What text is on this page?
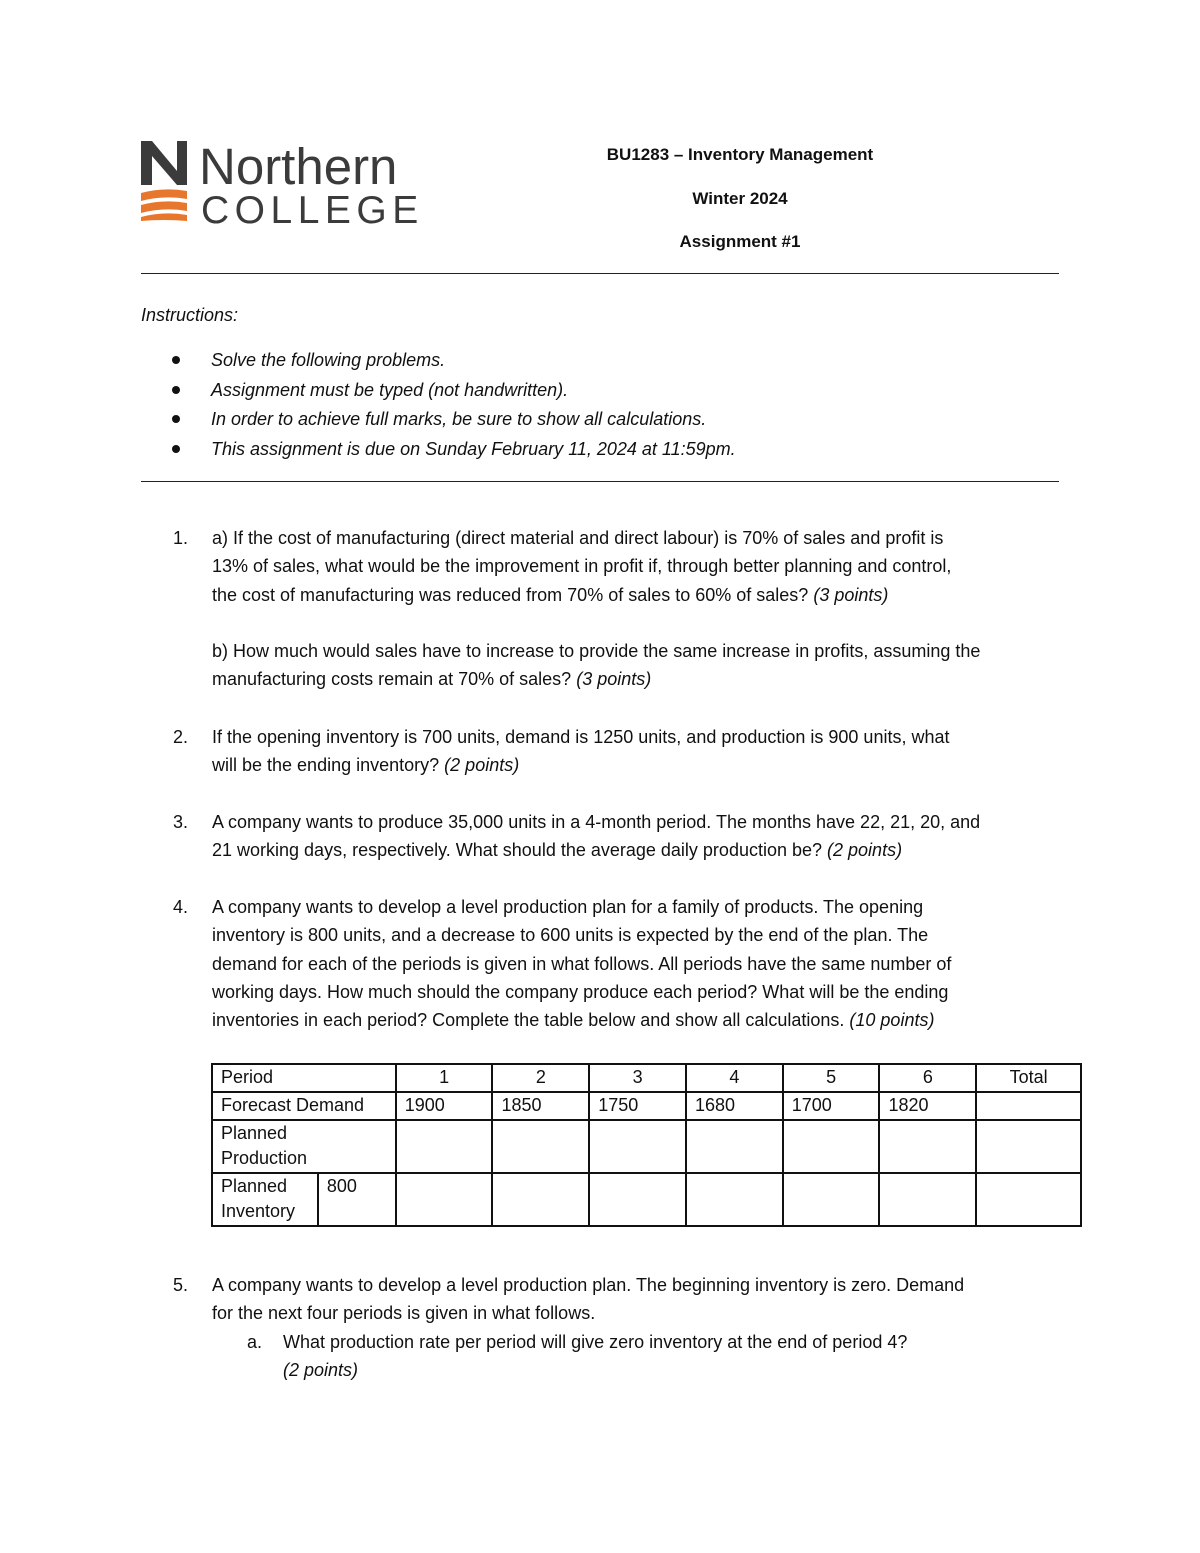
Northern
COLLEGE
BU1283 – Inventory Management
Winter 2024
Assignment #1
Instructions:
Solve the following problems.
Assignment must be typed (not handwritten).
In order to achieve full marks, be sure to show all calculations.
This assignment is due on Sunday February 11, 2024 at 11:59pm.
1. a) If the cost of manufacturing (direct material and direct labour) is 70% of sales and profit is
13% of sales, what would be the improvement in profit if, through better planning and control,
the cost of manufacturing was reduced from 70% of sales to 60% of sales? (3 points)
b) How much would sales have to increase to provide the same increase in profits, assuming the
manufacturing costs remain at 70% of sales? (3 points)
2. If the opening inventory is 700 units, demand is 1250 units, and production is 900 units, what
will be the ending inventory? (2 points)
3. A company wants to produce 35,000 units in a 4-month period. The months have 22, 21, 20, and
21 working days, respectively. What should the average daily production be? (2 points)
4. A company wants to develop a level production plan for a family of products. The opening
inventory is 800 units, and a decrease to 600 units is expected by the end of the plan. The
demand for each of the periods is given in what follows. All periods have the same number of
working days. How much should the company produce each period? What will be the ending
inventories in each period? Complete the table below and show all calculations. (10 points)
Period		1	2	3	4	5	6	Total
Forecast Demand		1900	1850	1750	1680	1700	1820	

Planned
Production								

Planned
Inventory	800							
5. A company wants to develop a level production plan. The beginning inventory is zero. Demand
for the next four periods is given in what follows.
a. What production rate per period will give zero inventory at the end of period 4?
(2 points)
